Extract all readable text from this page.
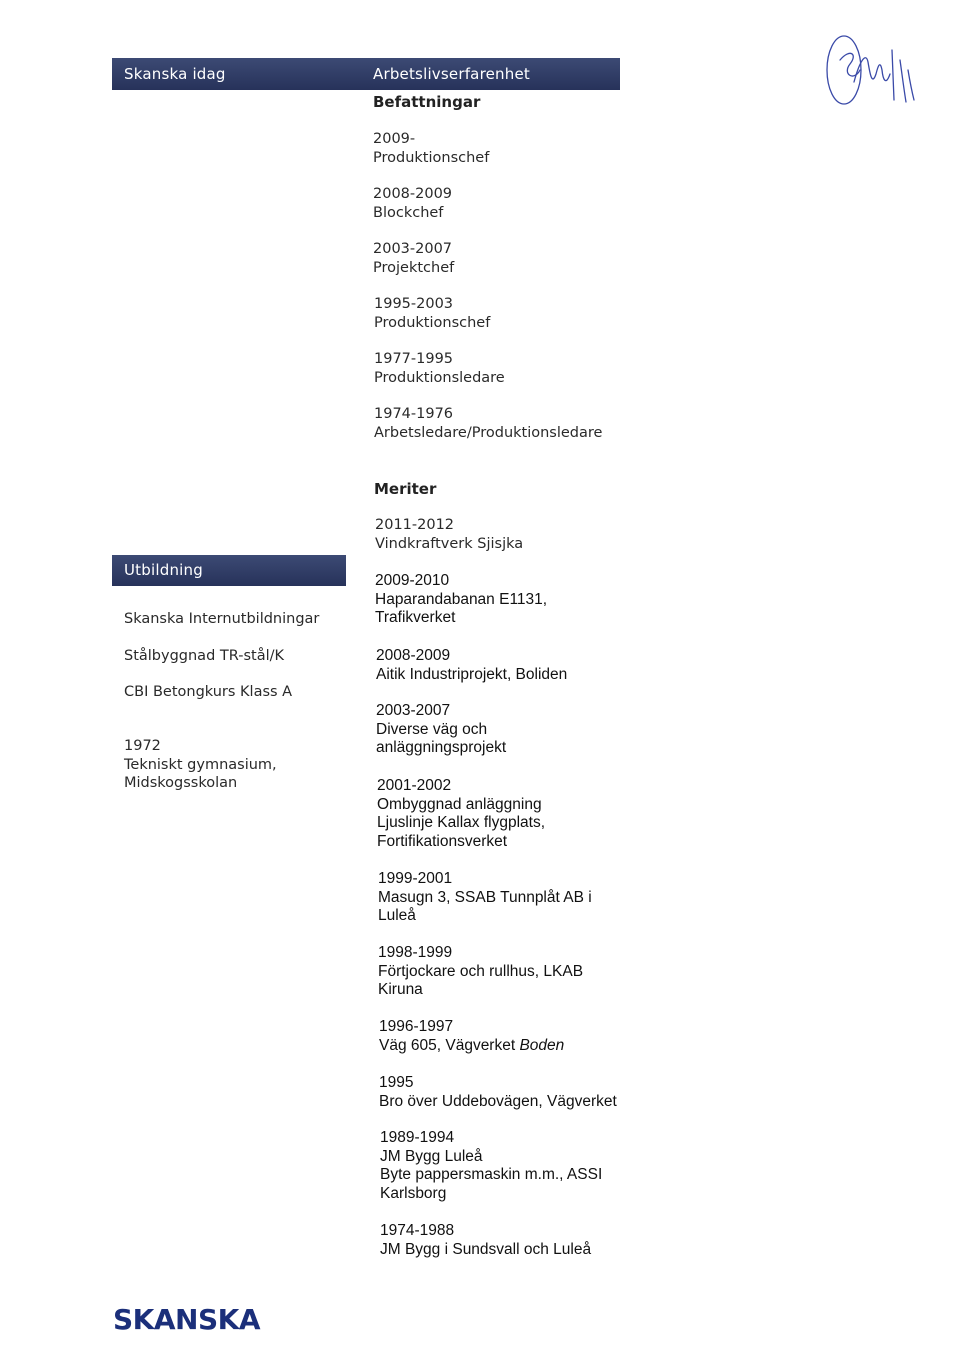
Skanska idag	Arbetslivserfarenhet
Utbildning
Befattningar
2009-
Produktionschef
2008-2009
Blockchef
2003-2007
Projektchef
1995-2003
Produktionschef
1977-1995
Produktionsledare
1974-1976
Arbetsledare/Produktionsledare
Meriter
2011-2012
Vindkraftverk Sjisjka
2009-2010
Haparandabanan E1131,
Trafikverket
2008-2009
Aitik Industriprojekt, Boliden
2003-2007
Diverse väg och
anläggningsprojekt
2001-2002
Ombyggnad anläggning
Ljuslinje Kallax flygplats,
Fortifikationsverket
1999-2001
Masugn 3, SSAB Tunnplåt AB i
Luleå
1998-1999
Förtjockare och rullhus, LKAB
Kiruna
1996-1997
Väg 605, Vägverket Boden
1995
Bro över Uddebovägen, Vägverket
1989-1994
JM Bygg Luleå
Byte pappersmaskin m.m., ASSI
Karlsborg
1974-1988
JM Bygg i Sundsvall och Luleå
Skanska Internutbildningar
Stålbyggnad TR-stål/K
CBI Betongkurs Klass A
1972
Tekniskt gymnasium,
Midskogsskolan
SKANSKA
